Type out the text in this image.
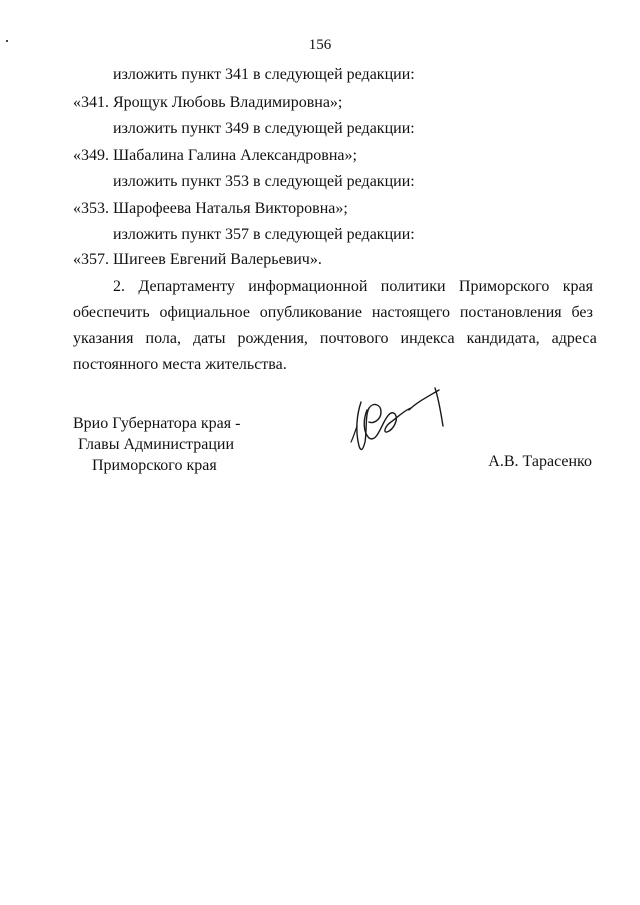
156
изложить пункт 341 в следующей редакции:
«341. Ярощук Любовь Владимировна»;
изложить пункт 349 в следующей редакции:
«349. Шабалина Галина Александровна»;
изложить пункт 353 в следующей редакции:
«353. Шарофеева Наталья Викторовна»;
изложить пункт 357 в следующей редакции:
«357. Шигеев Евгений Валерьевич».
2.   Департаменту   информационной   политики   Приморского   края
обеспечить  официальное  опубликование  настоящего  постановления  без
указания   пола,   даты   рождения,   почтового   индекса   кандидата,   адреса
постоянного места жительства.
Врио Губернатора края -
Главы Администрации
Приморского края	А.В. Тарасенко
